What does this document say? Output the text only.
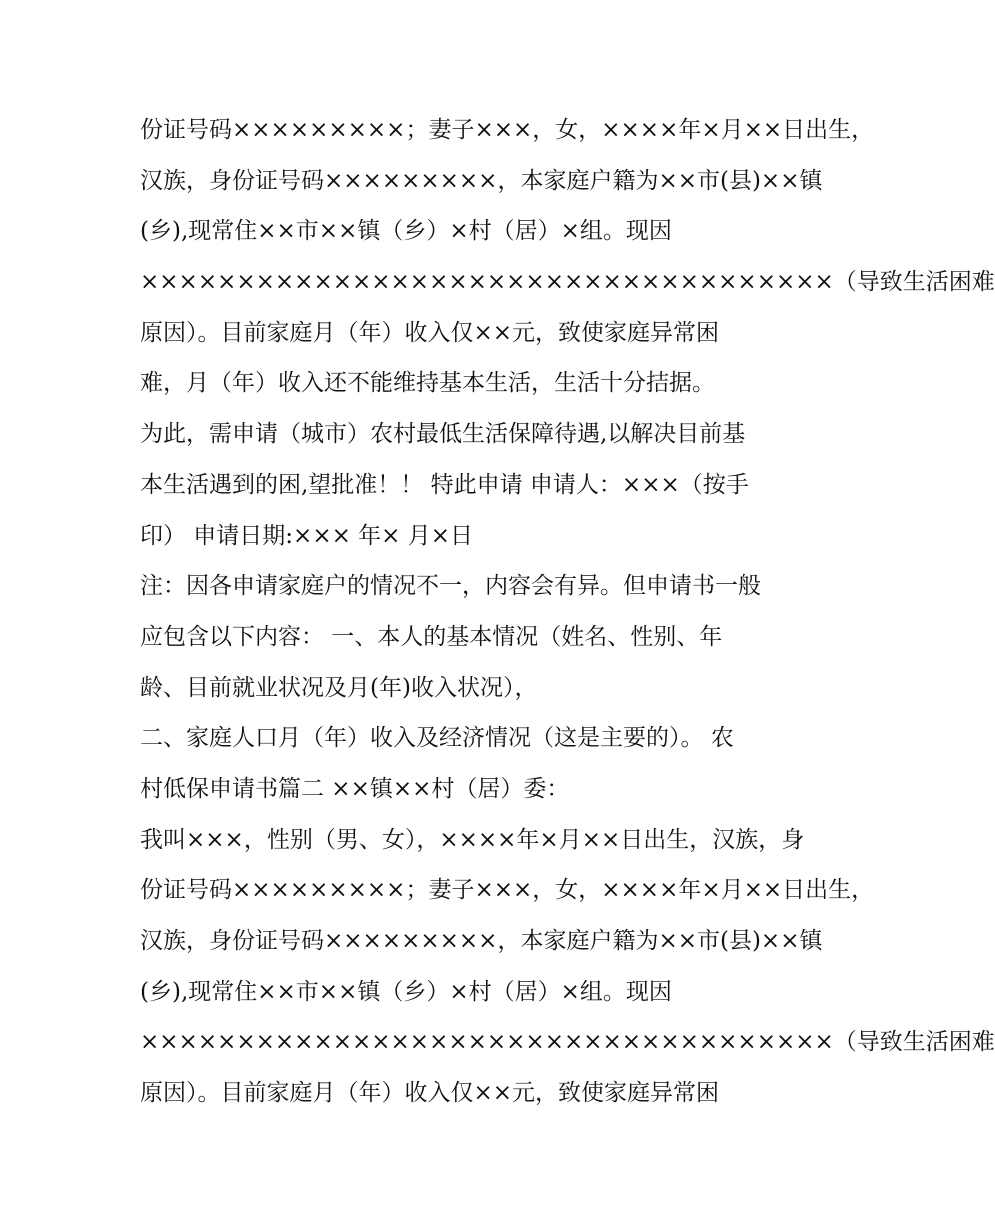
份证号码×××××××××；妻子×××，女，××××年×月××日出生，
汉族，身份证号码×××××××××，本家庭户籍为××市(县)××镇
(乡),现常住××市××镇（乡）×村（居）×组。现因
××××××××××××××××××××××××××××××××××××（导致生活困难
原因）。目前家庭月（年）收入仅××元，致使家庭异常困
难，月（年）收入还不能维持基本生活，生活十分拮据。
为此，需申请（城市）农村最低生活保障待遇,以解决目前基
本生活遇到的困,望批准！！ 特此申请 申请人：×××（按手
印） 申请日期:××× 年× 月×日
注：因各申请家庭户的情况不一，内容会有异。但申请书一般
应包含以下内容： 一、本人的基本情况（姓名、性别、年
龄、目前就业状况及月(年)收入状况），
二、家庭人口月（年）收入及经济情况（这是主要的）。 农
村低保申请书篇二 ××镇××村（居）委：
我叫×××，性别（男、女），××××年×月××日出生，汉族，身
份证号码×××××××××；妻子×××，女，××××年×月××日出生，
汉族，身份证号码×××××××××，本家庭户籍为××市(县)××镇
(乡),现常住××市××镇（乡）×村（居）×组。现因
××××××××××××××××××××××××××××××××××××（导致生活困难
原因）。目前家庭月（年）收入仅××元，致使家庭异常困
